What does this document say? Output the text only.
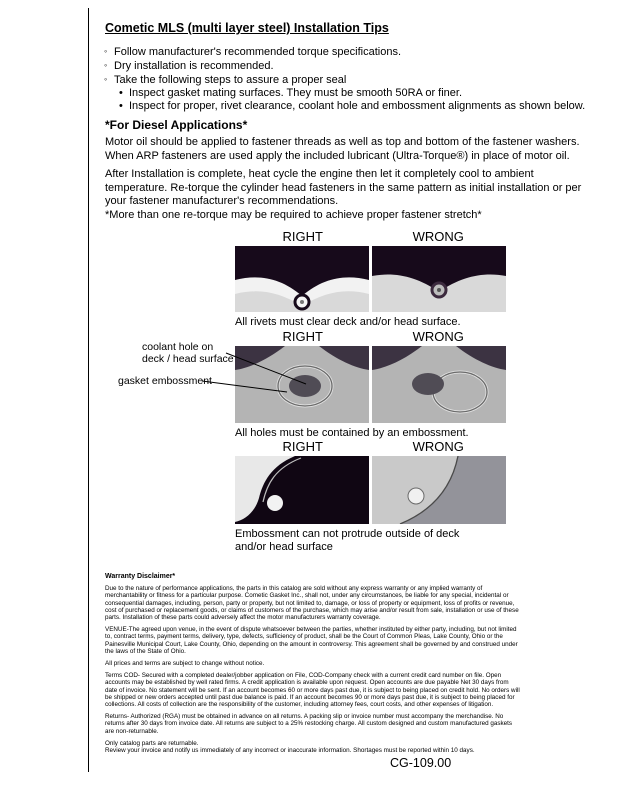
Cometic MLS (multi layer steel) Installation Tips
◦ Follow manufacturer's recommended torque specifications.
◦ Dry installation is recommended.
◦ Take the following steps to assure a proper seal
• Inspect gasket mating surfaces. They must be smooth 50RA or finer.
• Inspect for proper, rivet clearance, coolant hole and embossment alignments as shown below.
*For Diesel Applications*
Motor oil should be applied to fastener threads as well as top and bottom of the fastener washers. When ARP fasteners are used apply the included lubricant (Ultra-Torque®) in place of motor oil.
After Installation is complete, heat cycle the engine then let it completely cool to ambient temperature. Re-torque the cylinder head fasteners in the same pattern as initial installation or per your fastener manufacturer's recommendations.
*More than one re-torque may be required to achieve proper fastener stretch*
RIGHT	WRONG
All rivets must clear deck and/or head surface.
RIGHT	WRONG
All holes must be contained by an embossment.
coolant hole on
deck / head surface
gasket embossment
RIGHT	WRONG
Embossment can not protrude outside of deck
and/or head surface
Warranty Disclaimer*

Due to the nature of performance applications, the parts in this catalog are sold without any express warranty or any implied warranty of merchantability or fitness for a particular purpose. Cometic Gasket Inc., shall not, under any circumstances, be liable for any special, incidental or consequential damages, including, person, party or property, but not limited to, damage, or loss of property or equipment, loss of profits or revenue, cost of purchased or replacement goods, or claims of customers of the purchase, which may arise and/or result from sale, installation or use of these parts. Installation of these parts could adversely affect the motor manufacturers warranty coverage.

VENUE-The agreed upon venue, in the event of dispute whatsoever between the parties, whether instituted by either party, including, but not limited to, contract terms, payment terms, delivery, type, defects, sufficiency of product, shall be the Court of Common Pleas, Lake County, Ohio or the Painesville Municipal Court, Lake County, Ohio, depending on the amount in controversy. This agreement shall be governed by and construed under the laws of the State of Ohio.

All prices and terms are subject to change without notice.

Terms COD- Secured with a completed dealer/jobber application on File, COD-Company check with a current credit card number on file. Open accounts may be established by well rated firms. A credit application is available upon request. Open accounts are due payable Net 30 days from date of invoice. No statement will be sent. If an account becomes 60 or more days past due, it is subject to being placed on credit hold. No orders will be shipped or new orders accepted until past due balance is paid. If an account becomes 90 or more days past due, it is subject to being placed for collections. All costs of collection are the responsibility of the customer, including attorney fees, court costs, and other expenses of litigation.

Returns- Authorized (RGA) must be obtained in advance on all returns. A packing slip or invoice number must accompany the merchandise. No returns after 30 days from invoice date. All returns are subject to a 25% restocking charge. All custom designed and custom manufactured gaskets are non-returnable.

Only catalog parts are returnable.

Review your invoice and notify us immediately of any incorrect or inaccurate information. Shortages must be reported within 10 days.

CG-109.00
